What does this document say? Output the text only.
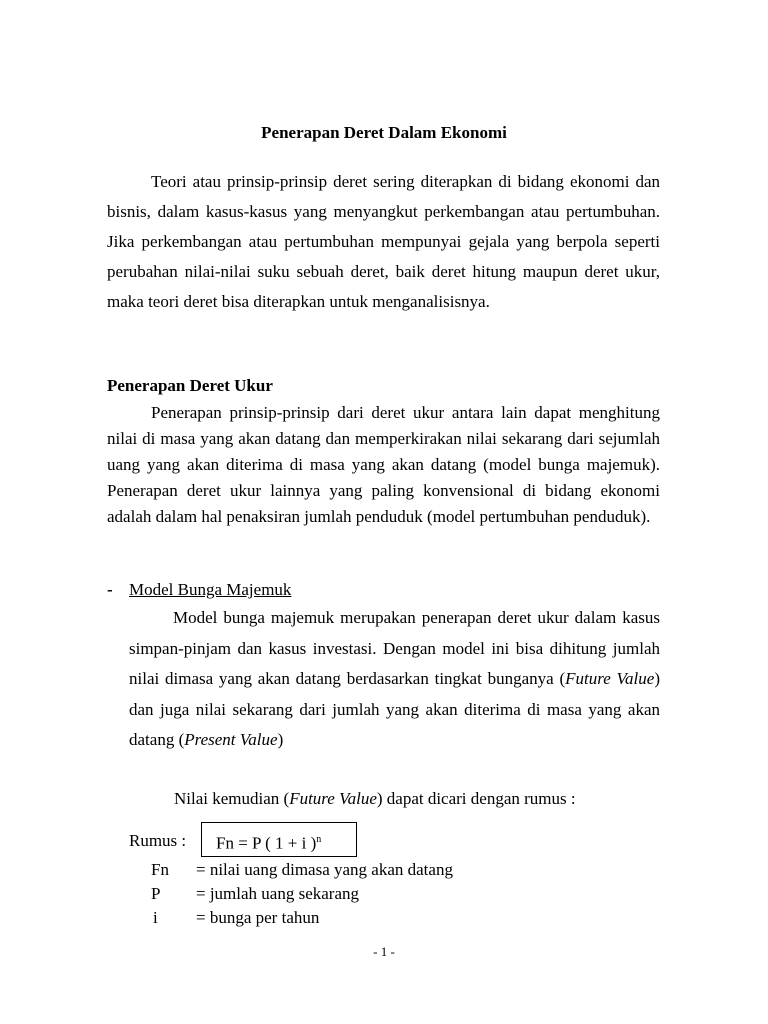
Penerapan Deret Dalam Ekonomi

Teori atau prinsip-prinsip deret sering diterapkan di bidang ekonomi dan bisnis, dalam kasus-kasus yang menyangkut perkembangan atau pertumbuhan. Jika perkembangan atau pertumbuhan mempunyai gejala yang berpola seperti perubahan nilai-nilai suku sebuah deret, baik deret hitung maupun deret ukur, maka teori deret bisa diterapkan untuk menganalisisnya.

Penerapan Deret Ukur

Penerapan prinsip-prinsip dari deret ukur antara lain dapat menghitung nilai di masa yang akan datang dan memperkirakan nilai sekarang dari sejumlah uang yang akan diterima di masa yang akan datang (model bunga majemuk). Penerapan deret ukur lainnya yang paling konvensional di bidang ekonomi adalah dalam hal penaksiran jumlah penduduk (model pertumbuhan penduduk).

- Model Bunga Majemuk

Model bunga majemuk merupakan penerapan deret ukur dalam kasus simpan-pinjam dan kasus investasi. Dengan model ini bisa dihitung jumlah nilai dimasa yang akan datang berdasarkan tingkat bunganya (Future Value) dan juga nilai sekarang dari jumlah yang akan diterima di masa yang akan datang (Present Value)

Nilai kemudian (Future Value) dapat dicari dengan rumus :
Rumus :	Fn = P ( 1 + i )$^n$
Fn = nilai uang dimasa yang akan datang
P = jumlah uang sekarang
i = bunga per tahun
- 1 -
